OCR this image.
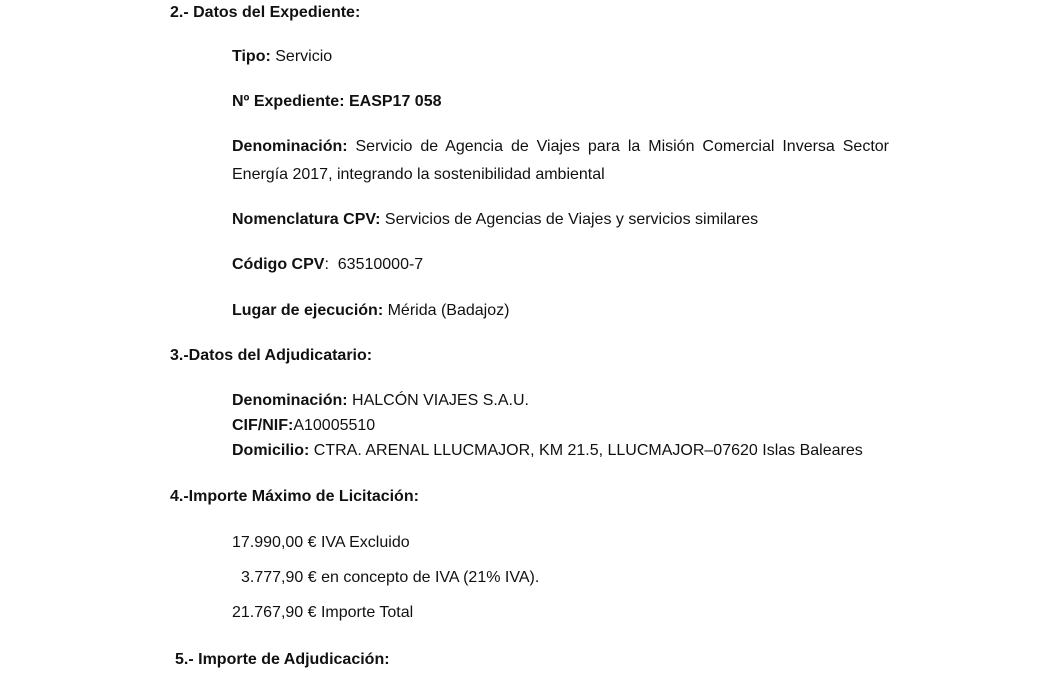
2.- Datos del Expediente:
Tipo: Servicio
Nº Expediente: EASP17 058
Denominación: Servicio de Agencia de Viajes para la Misión Comercial Inversa Sector Energía 2017, integrando la sostenibilidad ambiental
Nomenclatura CPV: Servicios de Agencias de Viajes y servicios similares
Código CPV:  63510000-7
Lugar de ejecución: Mérida (Badajoz)
3.-Datos del Adjudicatario:
Denominación: HALCÓN VIAJES S.A.U.
CIF/NIF:A10005510
Domicilio: CTRA. ARENAL LLUCMAJOR, KM 21.5, LLUCMAJOR–07620 Islas Baleares
4.-Importe Máximo de Licitación:
17.990,00 € IVA Excluido
3.777,90 € en concepto de IVA (21% IVA).
21.767,90 € Importe Total
5.- Importe de Adjudicación:
